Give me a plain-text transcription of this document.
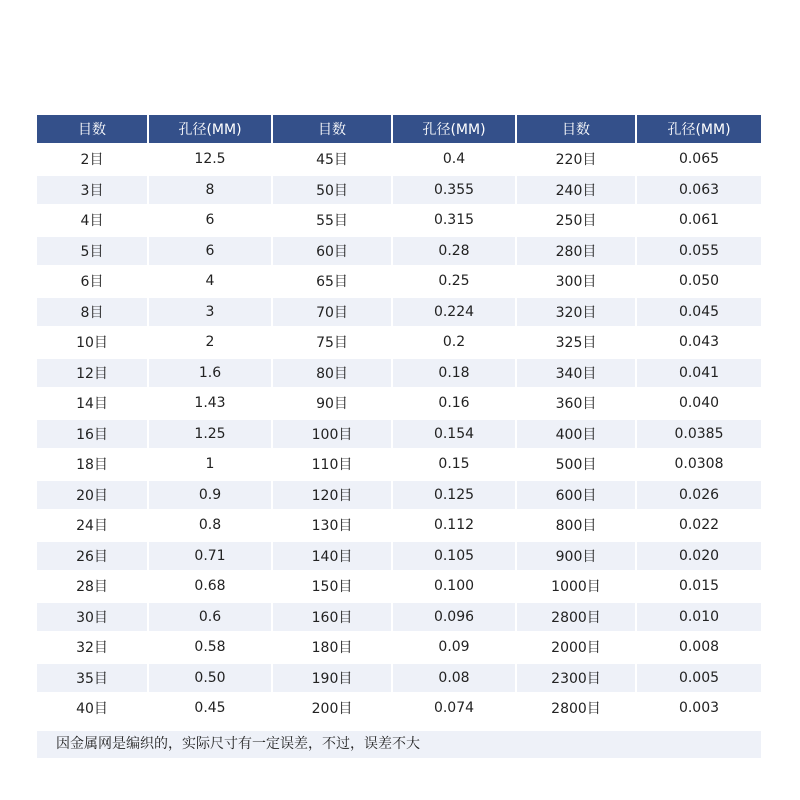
目数	孔径(MM)	目数	孔径(MM)	目数	孔径(MM)
2目	12.5	45目	0.4	220目	0.065
3目	8	50目	0.355	240目	0.063
4目	6	55目	0.315	250目	0.061
5目	6	60目	0.28	280目	0.055
6目	4	65目	0.25	300目	0.050
8目	3	70目	0.224	320目	0.045
10目	2	75目	0.2	325目	0.043
12目	1.6	80目	0.18	340目	0.041
14目	1.43	90目	0.16	360目	0.040
16目	1.25	100目	0.154	400目	0.0385
18目	1	110目	0.15	500目	0.0308
20目	0.9	120目	0.125	600目	0.026
24目	0.8	130目	0.112	800目	0.022
26目	0.71	140目	0.105	900目	0.020
28目	0.68	150目	0.100	1000目	0.015
30目	0.6	160目	0.096	2800目	0.010
32目	0.58	180目	0.09	2000目	0.008
35目	0.50	190目	0.08	2300目	0.005
40目	0.45	200目	0.074	2800目	0.003
因金属网是编织的，实际尺寸有一定误差，不过，误差不大
